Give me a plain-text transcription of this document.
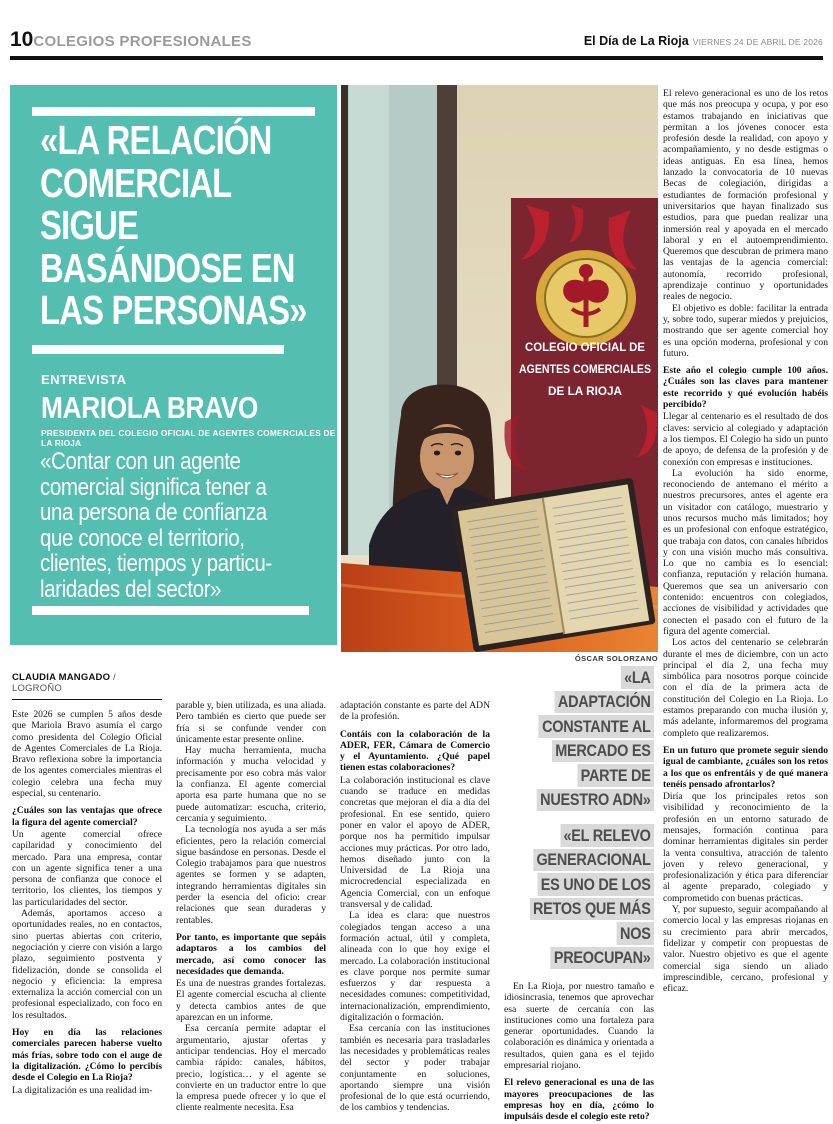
10COLEGIOS PROFESIONALES	El Día de La Rioja VIERNES 24 DE ABRIL DE 2026
«LA RELACIÓN
COMERCIAL
SIGUE
BASÁNDOSE EN
LAS PERSONAS»
ENTREVISTA
MARIOLA BRAVO
PRESIDENTA DEL COLEGIO OFICIAL DE AGENTES COMERCIALES DE LA RIOJA
«Contar con un agente
comercial significa tener a
una persona de confianza
que conoce el territorio,
clientes, tiempos y particu-
laridades del sector»
COLEGIO OFICIAL DE
AGENTES COMERCIALES
DE LA RIOJA
ÓSCAR SOLORZANO
CLAUDIA MANGADO / LOGROÑO

Este 2026 se cumplen 5 años desde que Mariola Bravo asumía el cargo como presidenta del Colegio Oficial de Agentes Comerciales de La Rioja. Bravo reflexiona sobre la importancia de los agentes comerciales mientras el colegio celebra una fecha muy especial, su centenario.

¿Cuáles son las ventajas que ofrece la figura del agente comercial?

Un agente comercial ofrece capilaridad y conocimiento del mercado. Para una empresa, contar con un agente significa tener a una persona de confianza que conoce el territorio, los clientes, los tiempos y las particularidades del sector.

Además, aportamos acceso a oportunidades reales, no en contactos, sino puertas abiertas con criterio, negociación y cierre con visión a largo plazo, seguimiento postventa y fidelización, donde se consolida el negocio y eficiencia: la empresa externaliza la acción comercial con un profesional especializado, con foco en los resultados.

Hoy en día las relaciones comerciales parecen haberse vuelto más frías, sobre todo con el auge de la digitalización. ¿Cómo lo percibís desde el Colegio en La Rioja?

La digitalización es una realidad im-

parable y, bien utilizada, es una aliada. Pero también es cierto que puede ser fría si se confunde vender con únicamente estar presente online.

Hay mucha herramienta, mucha información y mucha velocidad y precisamente por eso cobra más valor la confianza. El agente comercial aporta esa parte humana que no se puede automatizar: escucha, criterio, cercanía y seguimiento.

La tecnología nos ayuda a ser más eficientes, pero la relación comercial sigue basándose en personas. Desde el Colegio trabajamos para que nuestros agentes se formen y se adapten, integrando herramientas digitales sin perder la esencia del oficio: crear relaciones que sean duraderas y rentables.

Por tanto, es importante que sepáis adaptaros a los cambios del mercado, así como conocer las necesidades que demanda.

Es una de nuestras grandes fortalezas. El agente comercial escucha al cliente y detecta cambios antes de que aparezcan en un informe.

Esa cercanía permite adaptar el argumentario, ajustar ofertas y anticipar tendencias. Hoy el mercado cambia rápido: canales, hábitos, precio, logística… y el agente se convierte en un traductor entre lo que la empresa puede ofrecer y lo que el cliente realmente necesita. Esa

adaptación constante es parte del ADN de la profesión.

Contáis con la colaboración de la ADER, FER, Cámara de Comercio y el Ayuntamiento. ¿Qué papel tienen estas colaboraciones?

La colaboración institucional es clave cuando se traduce en medidas concretas que mejoran el día a día del profesional. En ese sentido, quiero poner en valor el apoyo de ADER, porque nos ha permitido impulsar acciones muy prácticas. Por otro lado, hemos diseñado junto con la Universidad de La Rioja una microcredencial especializada en Agencia Comercial, con un enfoque transversal y de calidad.

La idea es clara: que nuestros colegiados tengan acceso a una formación actual, útil y completa, alineada con lo que hoy exige el mercado. La colaboración institucional es clave porque nos permite sumar esfuerzos y dar respuesta a necesidades comunes: competitividad, internacionalización, emprendimiento, digitalización o formación.

Esa cercanía con las instituciones también es necesaria para trasladarles las necesidades y problemáticas reales del sector y poder trabajar conjuntamente en soluciones, aportando siempre una visión profesional de lo que está ocurriendo, de los cambios y tendencias.

«LA
ADAPTACIÓN
CONSTANTE AL
MERCADO ES
PARTE DE
NUESTRO ADN»
«EL RELEVO
GENERACIONAL
ES UNO DE LOS
RETOS QUE MÁS
NOS
PREOCUPAN»

En La Rioja, por nuestro tamaño e idiosincrasia, tenemos que aprovechar esa suerte de cercanía con las instituciones como una fortaleza para generar oportunidades. Cuando la colaboración es dinámica y orientada a resultados, quien gana es el tejido empresarial riojano.

El relevo generacional es una de las mayores preocupaciones de las empresas hoy en día, ¿cómo lo impulsáis desde el colegio este reto?

El relevo generacional es uno de los retos que más nos preocupa y ocupa, y por eso estamos trabajando en iniciativas que permitan a los jóvenes conocer esta profesión desde la realidad, con apoyo y acompañamiento, y no desde estigmas o ideas antiguas. En esa línea, hemos lanzado la convocatoria de 10 nuevas Becas de colegiación, dirigidas a estudiantes de formación profesional y universitarios que hayan finalizado sus estudios, para que puedan realizar una inmersión real y apoyada en el mercado laboral y en el autoemprendimiento. Queremos que descubran de primera mano las ventajas de la agencia comercial: autonomía, recorrido profesional, aprendizaje continuo y oportunidades reales de negocio.

El objetivo es doble: facilitar la entrada y, sobre todo, superar miedos y prejuicios, mostrando que ser agente comercial hoy es una opción moderna, profesional y con futuro.

Este año el colegio cumple 100 años. ¿Cuáles son las claves para mantener este recorrido y qué evolución habéis percibido?

Llegar al centenario es el resultado de dos claves: servicio al colegiado y adaptación a los tiempos. El Colegio ha sido un punto de apoyo, de defensa de la profesión y de conexión con empresas e instituciones.

La evolución ha sido enorme, reconociendo de antemano el mérito a nuestros precursores, antes el agente era un visitador con catálogo, muestrario y unos recursos mucho más limitados; hoy es un profesional con enfoque estratégico, que trabaja con datos, con canales híbridos y con una visión mucho más consultiva. Lo que no cambia es lo esencial: confianza, reputación y relación humana. Queremos que sea un aniversario con contenido: encuentros con colegiados, acciones de visibilidad y actividades que conecten el pasado con el futuro de la figura del agente comercial.

Los actos del centenario se celebrarán durante el mes de diciembre, con un acto principal el día 2, una fecha muy simbólica para nosotros porque coincide con el día de la primera acta de constitución del Colegio en La Rioja. Lo estamos preparando con mucha ilusión y, más adelante, informaremos del programa completo que realizaremos.

En un futuro que promete seguir siendo igual de cambiante, ¿cuáles son los retos a los que os enfrentáis y de qué manera tenéis pensado afrontarlos?

Diría que los principales retos son visibilidad y reconocimiento de la profesión en un entorno saturado de mensajes, formación continua para dominar herramientas digitales sin perder la venta consultiva, atracción de talento joven y relevo generacional, y profesionalización y ética para diferenciar al agente preparado, colegiado y comprometido con buenas prácticas.

Y, por supuesto, seguir acompañando al comercio local y las empresas riojanas en su crecimiento para abrir mercados, fidelizar y competir con propuestas de valor. Nuestro objetivo es que el agente comercial siga siendo un aliado imprescindible, cercano, profesional y eficaz.
